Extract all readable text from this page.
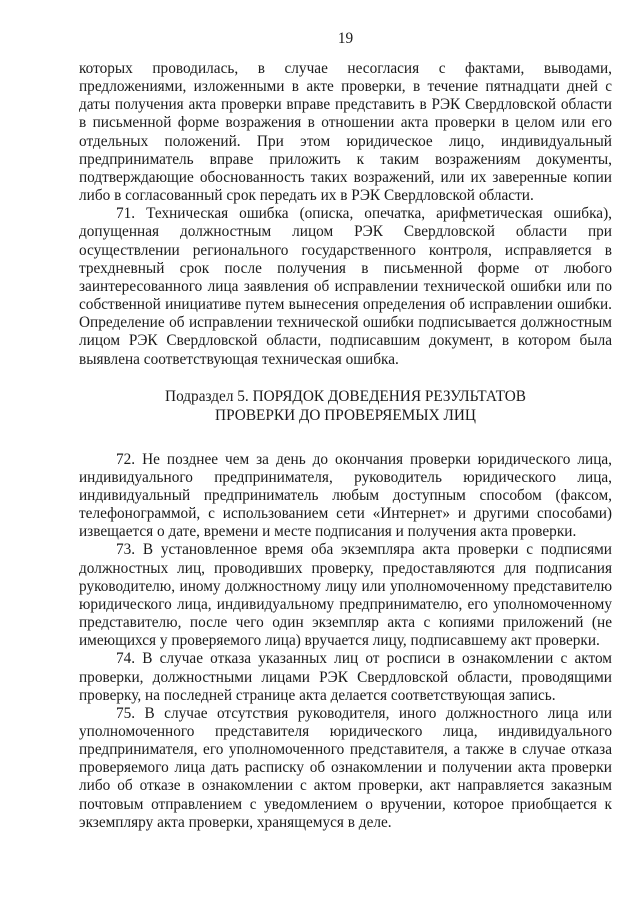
19

которых проводилась, в случае несогласия с фактами, выводами, предложениями, изложенными в акте проверки, в течение пятнадцати дней с даты получения акта проверки вправе представить в РЭК Свердловской области в письменной форме возражения в отношении акта проверки в целом или его отдельных положений. При этом юридическое лицо, индивидуальный предприниматель вправе приложить к таким возражениям документы, подтверждающие обоснованность таких возражений, или их заверенные копии либо в согласованный срок передать их в РЭК Свердловской области.

71. Техническая ошибка (описка, опечатка, арифметическая ошибка), допущенная должностным лицом РЭК Свердловской области при осуществлении регионального государственного контроля, исправляется в трехдневный срок после получения в письменной форме от любого заинтересованного лица заявления об исправлении технической ошибки или по собственной инициативе путем вынесения определения об исправлении ошибки. Определение об исправлении технической ошибки подписывается должностным лицом РЭК Свердловской области, подписавшим документ, в котором была выявлена соответствующая техническая ошибка.

Подраздел 5. ПОРЯДОК ДОВЕДЕНИЯ РЕЗУЛЬТАТОВ
ПРОВЕРКИ ДО ПРОВЕРЯЕМЫХ ЛИЦ

72. Не позднее чем за день до окончания проверки юридического лица, индивидуального предпринимателя, руководитель юридического лица, индивидуальный предприниматель любым доступным способом (факсом, телефонограммой, с использованием сети «Интернет» и другими способами) извещается о дате, времени и месте подписания и получения акта проверки.

73. В установленное время оба экземпляра акта проверки с подписями должностных лиц, проводивших проверку, предоставляются для подписания руководителю, иному должностному лицу или уполномоченному представителю юридического лица, индивидуальному предпринимателю, его уполномоченному представителю, после чего один экземпляр акта с копиями приложений (не имеющихся у проверяемого лица) вручается лицу, подписавшему акт проверки.

74. В случае отказа указанных лиц от росписи в ознакомлении с актом проверки, должностными лицами РЭК Свердловской области, проводящими проверку, на последней странице акта делается соответствующая запись.

75. В случае отсутствия руководителя, иного должностного лица или уполномоченного представителя юридического лица, индивидуального предпринимателя, его уполномоченного представителя, а также в случае отказа проверяемого лица дать расписку об ознакомлении и получении акта проверки либо об отказе в ознакомлении с актом проверки, акт направляется заказным почтовым отправлением с уведомлением о вручении, которое приобщается к экземпляру акта проверки, хранящемуся в деле.
